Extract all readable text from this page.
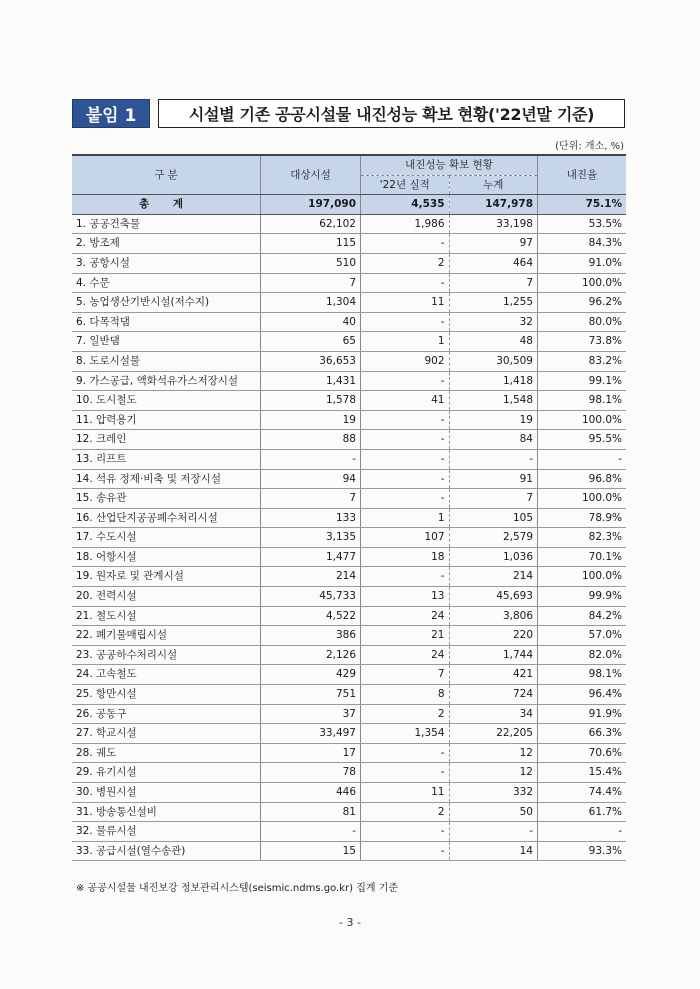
붙임 1	시설별 기존 공공시설물 내진성능 확보 현황('22년말 기준)
(단위: 개소, %)
구 분	대상시설	내진성능 확보 현황		내진율
		'22년 실적	누계	
총 계	197,090	4,535	147,978	75.1%
1. 공공건축물	62,102	1,986	33,198	53.5%
2. 방조제	115	-	97	84.3%
3. 공항시설	510	2	464	91.0%
4. 수문	7	-	7	100.0%
5. 농업생산기반시설(저수지)	1,304	11	1,255	96.2%
6. 다목적댐	40	-	32	80.0%
7. 일반댐	65	1	48	73.8%
8. 도로시설물	36,653	902	30,509	83.2%
9. 가스공급, 액화석유가스저장시설	1,431	-	1,418	99.1%
10. 도시철도	1,578	41	1,548	98.1%
11. 압력용기	19	-	19	100.0%
12. 크레인	88	-	84	95.5%
13. 리프트	-	-	-	-
14. 석유 정제·비축 및 저장시설	94	-	91	96.8%
15. 송유관	7	-	7	100.0%
16. 산업단지공공폐수처리시설	133	1	105	78.9%
17. 수도시설	3,135	107	2,579	82.3%
18. 어항시설	1,477	18	1,036	70.1%
19. 원자로 및 관계시설	214	-	214	100.0%
20. 전력시설	45,733	13	45,693	99.9%
21. 철도시설	4,522	24	3,806	84.2%
22. 폐기물매립시설	386	21	220	57.0%
23. 공공하수처리시설	2,126	24	1,744	82.0%
24. 고속철도	429	7	421	98.1%
25. 항만시설	751	8	724	96.4%
26. 공동구	37	2	34	91.9%
27. 학교시설	33,497	1,354	22,205	66.3%
28. 궤도	17	-	12	70.6%
29. 유기시설	78	-	12	15.4%
30. 병원시설	446	11	332	74.4%
31. 방송통신설비	81	2	50	61.7%
32. 물류시설	-	-	-	-
33. 공급시설(열수송관)	15	-	14	93.3%
※ 공공시설물 내진보강 정보관리시스템(seismic.ndms.go.kr) 집계 기준
- 3 -
